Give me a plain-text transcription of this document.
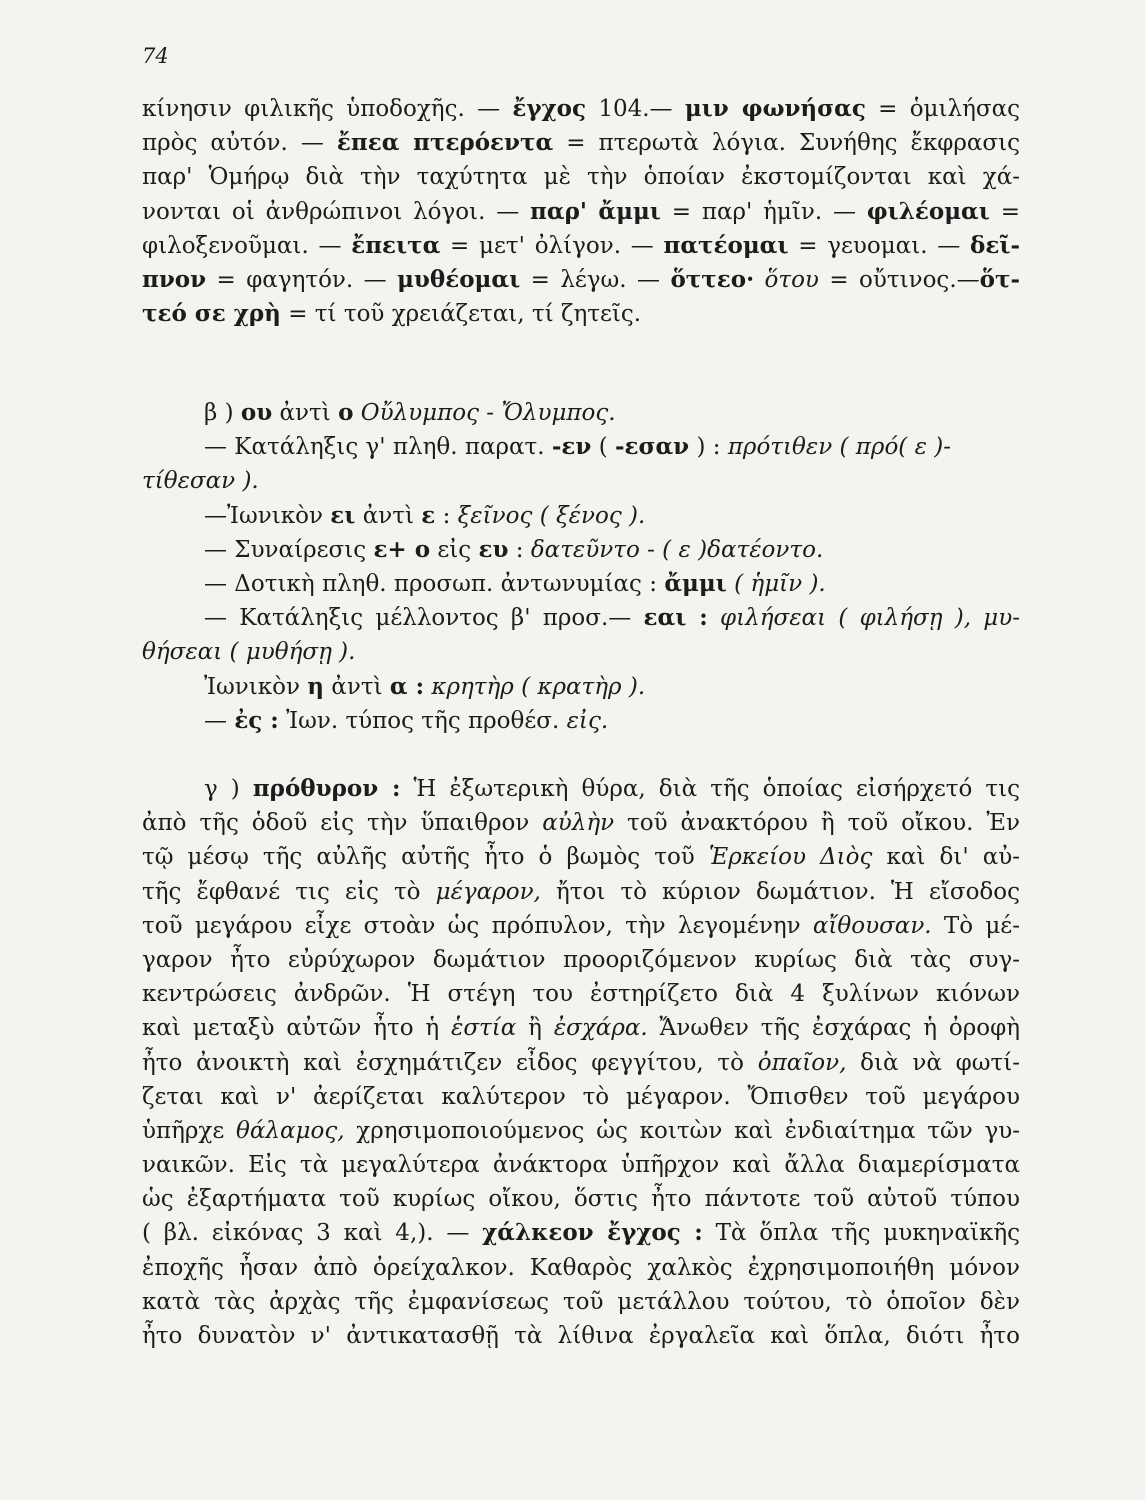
74
κίνησιν φιλικῆς ὑποδοχῆς. — ἔγχος 104.— μιν φωνήσας = ὁμιλήσας
πρὸς αὐτόν. — ἔπεα πτερόεντα = πτερωτὰ λόγια. Συνήθης ἔκφρασις
παρ' Ὁμήρῳ διὰ τὴν ταχύτητα μὲ τὴν ὁποίαν ἐκστομίζονται καὶ χά-
νονται οἱ ἀνθρώπινοι λόγοι. — παρ' ἄμμι = παρ' ἡμῖν. — φιλέομαι =
φιλοξενοῦμαι. — ἔπειτα = μετ' ὀλίγον. — πατέομαι = γευομαι. — δεῖ-
πνον = φαγητόν. — μυθέομαι = λέγω. — ὅττεο· ὅτου = οὔτινος.—ὅτ-
τεό σε χρὴ = τί τοῦ χρειάζεται, τί ζητεῖς.
β ) ου ἀντὶ ο Οὔλυμπος - Ὄλυμπος.
— Κατάληξις γ' πληθ. παρατ. -εν ( -εσαν ) : πρότιθεν ( πρό( ε )-
τίθεσαν ).
—Ἰωνικὸν ει ἀντὶ ε : ξεῖνος ( ξένος ).
— Συναίρεσις ε+ ο εἰς ευ : δατεῦντο - ( ε )δατέοντο.
— Δοτικὴ πληθ. προσωπ. ἀντωνυμίας : ἄμμι ( ἡμῖν ).
— Κατάληξις μέλλοντος β' προσ.— εαι : φιλήσεαι ( φιλήσῃ ), μυ-
θήσεαι ( μυθήσῃ ).
Ἰωνικὸν η ἀντὶ α : κρητὴρ ( κρατὴρ ).
— ἐς : Ἰων. τύπος τῆς προθέσ. εἰς.
γ ) πρόθυρον : Ἡ ἐξωτερικὴ θύρα, διὰ τῆς ὁποίας εἰσήρχετό τις
ἀπὸ τῆς ὁδοῦ εἰς τὴν ὕπαιθρον αὐλὴν τοῦ ἀνακτόρου ἢ τοῦ οἴκου. Ἐν
τῷ μέσῳ τῆς αὐλῆς αὐτῆς ἦτο ὁ βωμὸς τοῦ Ἑρκείου Διὸς καὶ δι' αὐ-
τῆς ἔφθανέ τις εἰς τὸ μέγαρον, ἤτοι τὸ κύριον δωμάτιον. Ἡ εἴσοδος
τοῦ μεγάρου εἶχε στοὰν ὡς πρόπυλον, τὴν λεγομένην αἴθουσαν. Τὸ μέ-
γαρον ἦτο εὐρύχωρον δωμάτιον προοριζόμενον κυρίως διὰ τὰς συγ-
κεντρώσεις ἀνδρῶν. Ἡ στέγη του ἐστηρίζετο διὰ 4 ξυλίνων κιόνων
καὶ μεταξὺ αὐτῶν ἦτο ἡ ἑστία ἢ ἐσχάρα. Ἄνωθεν τῆς ἐσχάρας ἡ ὀροφὴ
ἦτο ἀνοικτὴ καὶ ἐσχημάτιζεν εἶδος φεγγίτου, τὸ ὀπαῖον, διὰ νὰ φωτί-
ζεται καὶ ν' ἀερίζεται καλύτερον τὸ μέγαρον. Ὄπισθεν τοῦ μεγάρου
ὑπῆρχε θάλαμος, χρησιμοποιούμενος ὡς κοιτὼν καὶ ἐνδιαίτημα τῶν γυ-
ναικῶν. Εἰς τὰ μεγαλύτερα ἀνάκτορα ὑπῆρχον καὶ ἄλλα διαμερίσματα
ὡς ἐξαρτήματα τοῦ κυρίως οἴκου, ὅστις ἦτο πάντοτε τοῦ αὐτοῦ τύπου
( βλ. εἰκόνας 3 καὶ 4,). — χάλκεον ἔγχος : Τὰ ὅπλα τῆς μυκηναϊκῆς
ἐποχῆς ἦσαν ἀπὸ ὀρείχαλκον. Καθαρὸς χαλκὸς ἐχρησιμοποιήθη μόνον
κατὰ τὰς ἀρχὰς τῆς ἐμφανίσεως τοῦ μετάλλου τούτου, τὸ ὁποῖον δὲν
ἦτο δυνατὸν ν' ἀντικατασθῇ τὰ λίθινα ἐργαλεῖα καὶ ὅπλα, διότι ἦτο
